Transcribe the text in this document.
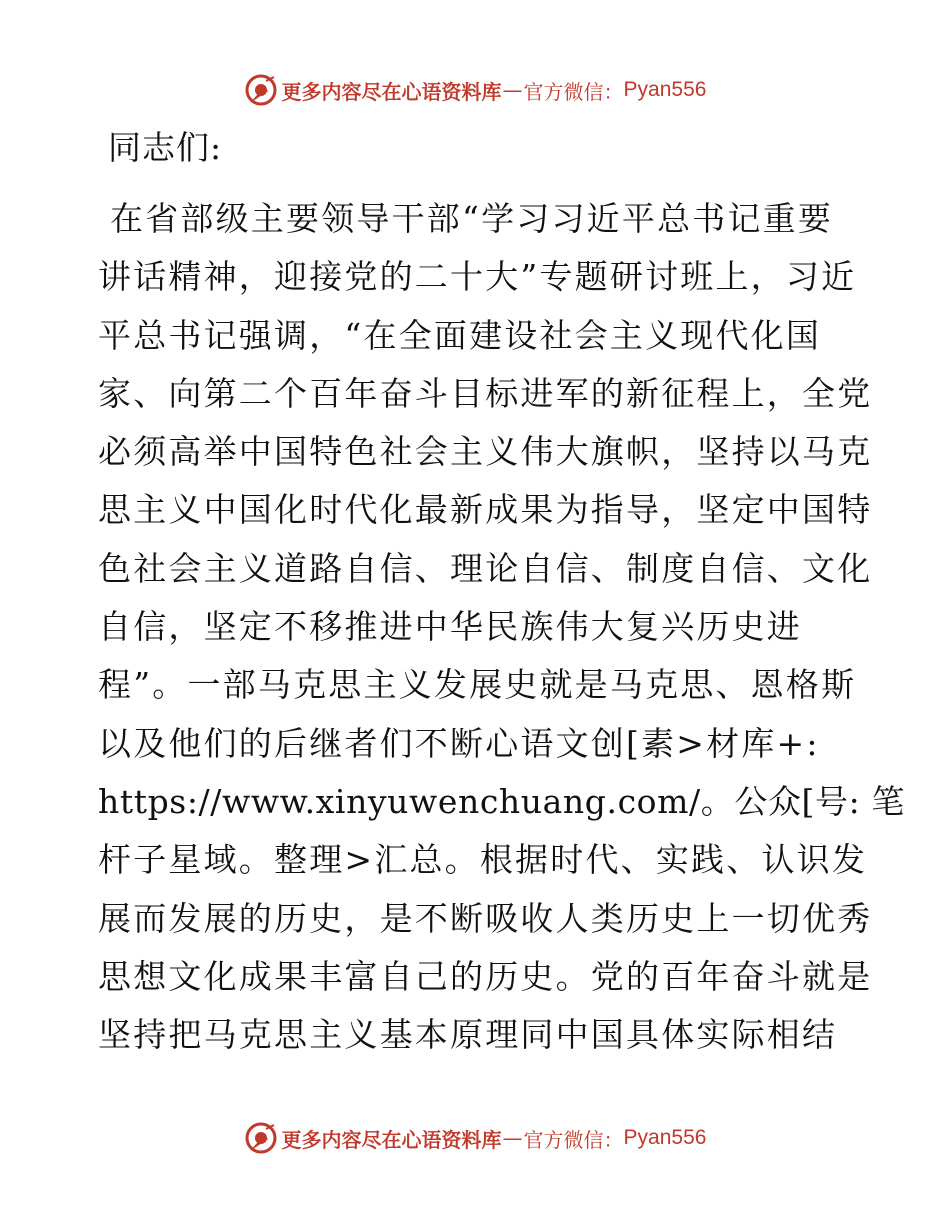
更多内容尽在心语资料库 — 官方微信： Pyan556
同志们:
在省部级主要领导干部“学习习近平总书记重要
讲话精神，迎接党的二十大”专题研讨班上，习近
平总书记强调，“在全面建设社会主义现代化国
家、向第二个百年奋斗目标进军的新征程上，全党
必须高举中国特色社会主义伟大旗帜，坚持以马克
思主义中国化时代化最新成果为指导，坚定中国特
色社会主义道路自信、理论自信、制度自信、文化
自信，坚定不移推进中华民族伟大复兴历史进
程”。一部马克思主义发展史就是马克思、恩格斯
以及他们的后继者们不断心语文创[素>材库+:
https://www.xinyuwenchuang.com/。公众[号: 笔
杆子星域。整理>汇总。根据时代、实践、认识发
展而发展的历史，是不断吸收人类历史上一切优秀
思想文化成果丰富自己的历史。党的百年奋斗就是
坚持把马克思主义基本原理同中国具体实际相结
更多内容尽在心语资料库 — 官方微信： Pyan556
